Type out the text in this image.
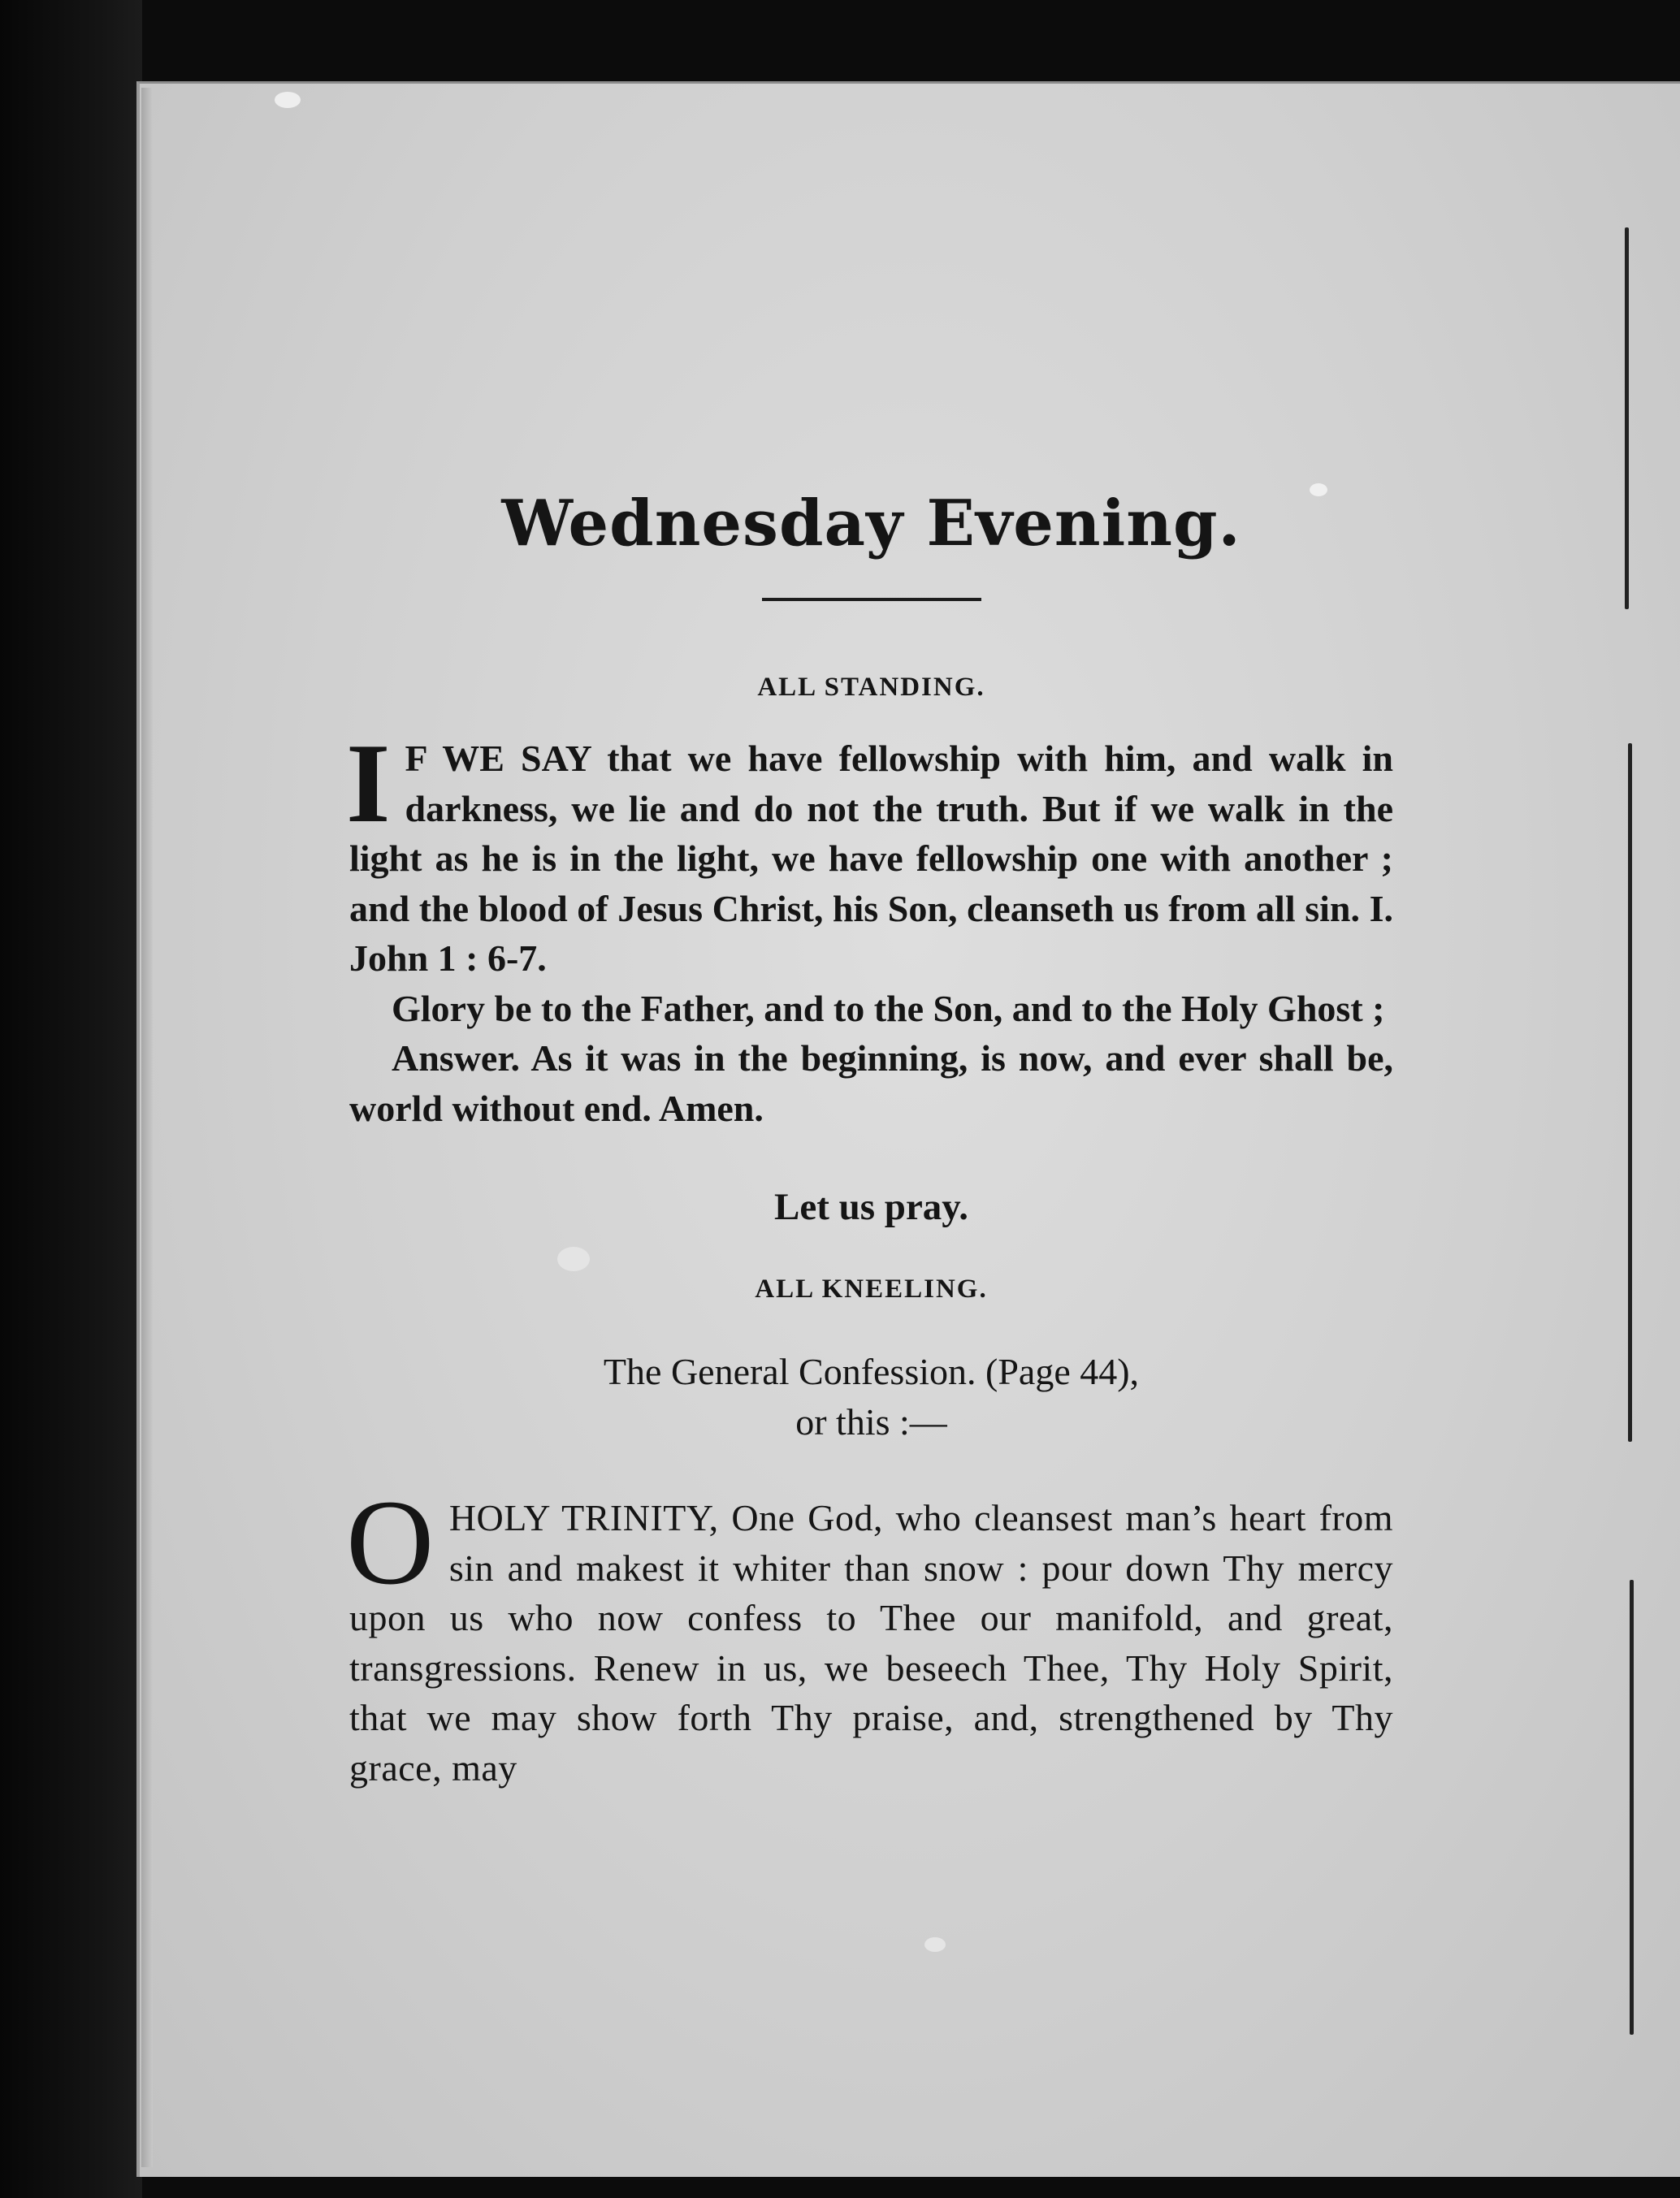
Wednesday Evening.

ALL STANDING.

I F WE SAY that we have fellowship with him, and walk in darkness, we lie and do not the truth. But if we walk in the light as he is in the light, we have fellowship one with another ; and the blood of Jesus Christ, his Son, cleanseth us from all sin. I. John 1 : 6-7.

Glory be to the Father, and to the Son, and to the Holy Ghost ;

Answer. As it was in the beginning, is now, and ever shall be, world without end. Amen.

Let us pray.

ALL KNEELING.

The General Confession. (Page 44),

or this :—

OHOLY TRINITY, One God, who cleansest man’s heart from sin and makest it whiter than snow : pour down Thy mercy upon us who now confess to Thee our manifold, and great, transgressions. Renew in us, we beseech Thee, Thy Holy Spirit, that we may show forth Thy praise, and, strengthened by Thy grace, may
